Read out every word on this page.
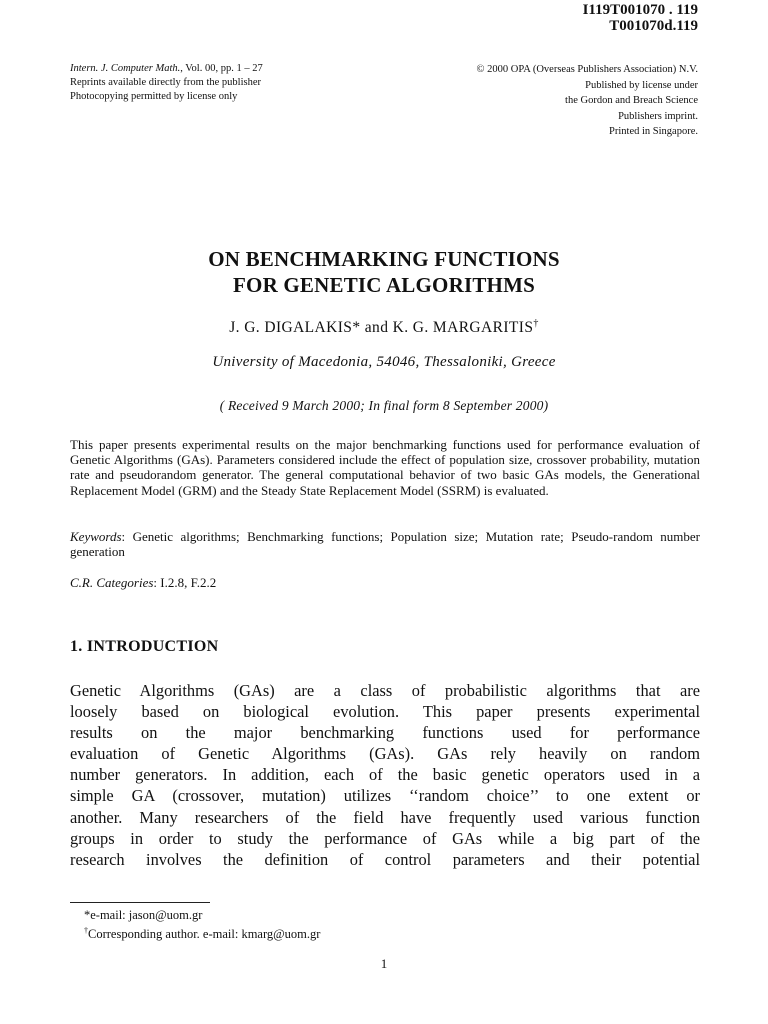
I119T001070 . 119
T001070d.119
Intern. J. Computer Math., Vol. 00, pp. 1 – 27
Reprints available directly from the publisher
Photocopying permitted by license only
© 2000 OPA (Overseas Publishers Association) N.V.
Published by license under
the Gordon and Breach Science
Publishers imprint.
Printed in Singapore.
ON BENCHMARKING FUNCTIONS
FOR GENETIC ALGORITHMS
J. G. DIGALAKIS* and K. G. MARGARITIS†
University of Macedonia, 54046, Thessaloniki, Greece
( Received 9 March 2000; In final form 8 September 2000)
This paper presents experimental results on the major benchmarking functions used for performance evaluation of Genetic Algorithms (GAs). Parameters considered include the effect of population size, crossover probability, mutation rate and pseudorandom generator. The general computational behavior of two basic GAs models, the Generational Replacement Model (GRM) and the Steady State Replacement Model (SSRM) is evaluated.
Keywords: Genetic algorithms; Benchmarking functions; Population size; Mutation rate; Pseudo-random number generation
C.R. Categories: I.2.8, F.2.2
1. INTRODUCTION
Genetic Algorithms (GAs) are a class of probabilistic algorithms that are
loosely based on biological evolution. This paper presents experimental
results on the major benchmarking functions used for performance
evaluation of Genetic Algorithms (GAs). GAs rely heavily on random
number generators. In addition, each of the basic genetic operators used in a
simple GA (crossover, mutation) utilizes ‘‘random choice’’ to one extent or
another. Many researchers of the field have frequently used various function
groups in order to study the performance of GAs while a big part of the
research involves the definition of control parameters and their potential
*e-mail: jason@uom.gr
†Corresponding author. e-mail: kmarg@uom.gr
1
